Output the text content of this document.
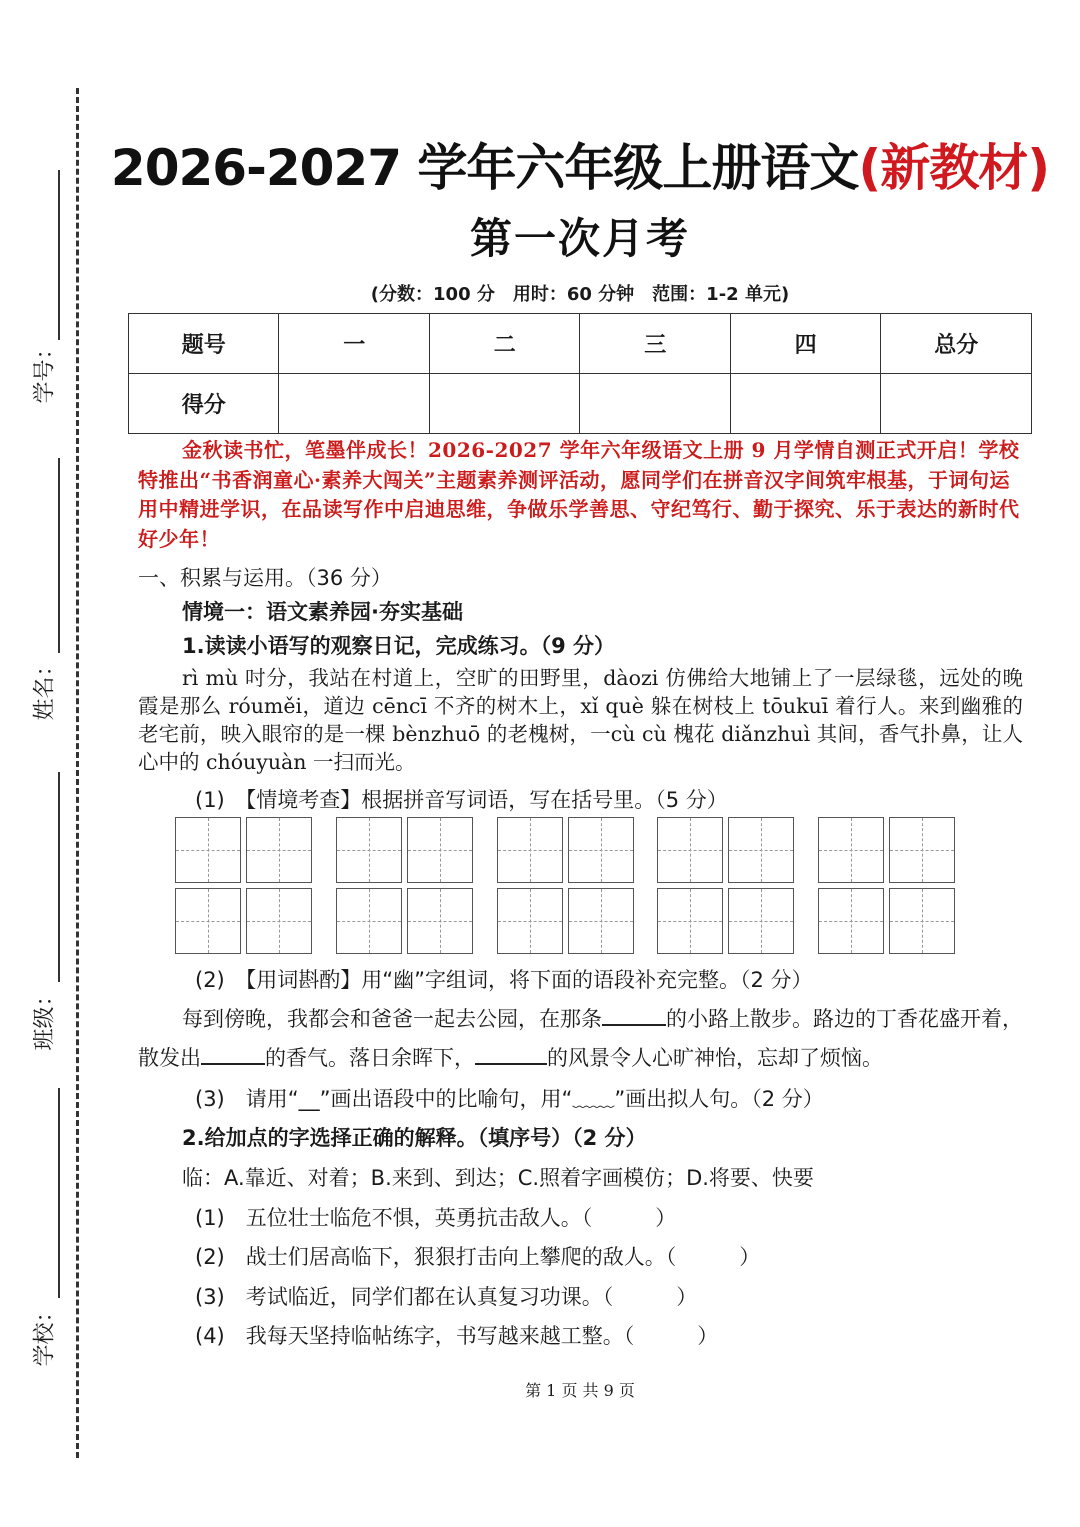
学号：
姓名：
班级：
学校：
2026-2027 学年六年级上册语文(新教材)
第一次月考
(分数：100 分　用时：60 分钟　范围：1-2 单元)
题号	一	二	三	四	总分
得分					
金秋读书忙，笔墨伴成长！2026-2027 学年六年级语文上册 9 月学情自测正式开启！学校特推出“书香润童心·素养大闯关”主题素养测评活动，愿同学们在拼音汉字间筑牢根基，于词句运用中精进学识，在品读写作中启迪思维，争做乐学善思、守纪笃行、勤于探究、乐于表达的新时代好少年！
一、积累与运用。（36 分）
情境一：语文素养园·夯实基础
1.读读小语写的观察日记，完成练习。（9 分）
rì mù 吋分，我站在村道上，空旷的田野里，dàozi 仿佛给大地铺上了一层绿毯，远处的晚霞是那么 róuměi，道边 cēncī 不齐的树木上，xǐ què 躲在树枝上 tōukuī 着行人。来到幽雅的老宅前，映入眼帘的是一棵 bènzhuō 的老槐树，一cù cù 槐花 diǎnzhuì 其间，香气扑鼻，让人心中的 chóuyuàn 一扫而光。
(1)　【情境考查】根据拼音写词语，写在括号里。（5 分）
(2)　【用词斟酌】用“幽”字组词，将下面的语段补充完整。（2 分）
每到傍晚，我都会和爸爸一起去公园，在那条	的小路上散步。路边的丁香花盛开着，散发出	的香气。落日余晖下，	的风景令人心旷神怡，忘却了烦恼。
(3)　请用“__”画出语段中的比喻句，用“﹏﹏”画出拟人句。（2 分）
2.给加点的字选择正确的解释。（填序号）（2 分）
临：A.靠近、对着；B.来到、到达；C.照着字画模仿；D.将要、快要
(1)　五位壮士临危不惧，英勇抗击敌人。（　　　）
(2)　战士们居高临下，狠狠打击向上攀爬的敌人。（　　　）
(3)　考试临近，同学们都在认真复习功课。（　　　）
(4)　我每天坚持临帖练字，书写越来越工整。（　　　）
第 1 页 共 9 页
